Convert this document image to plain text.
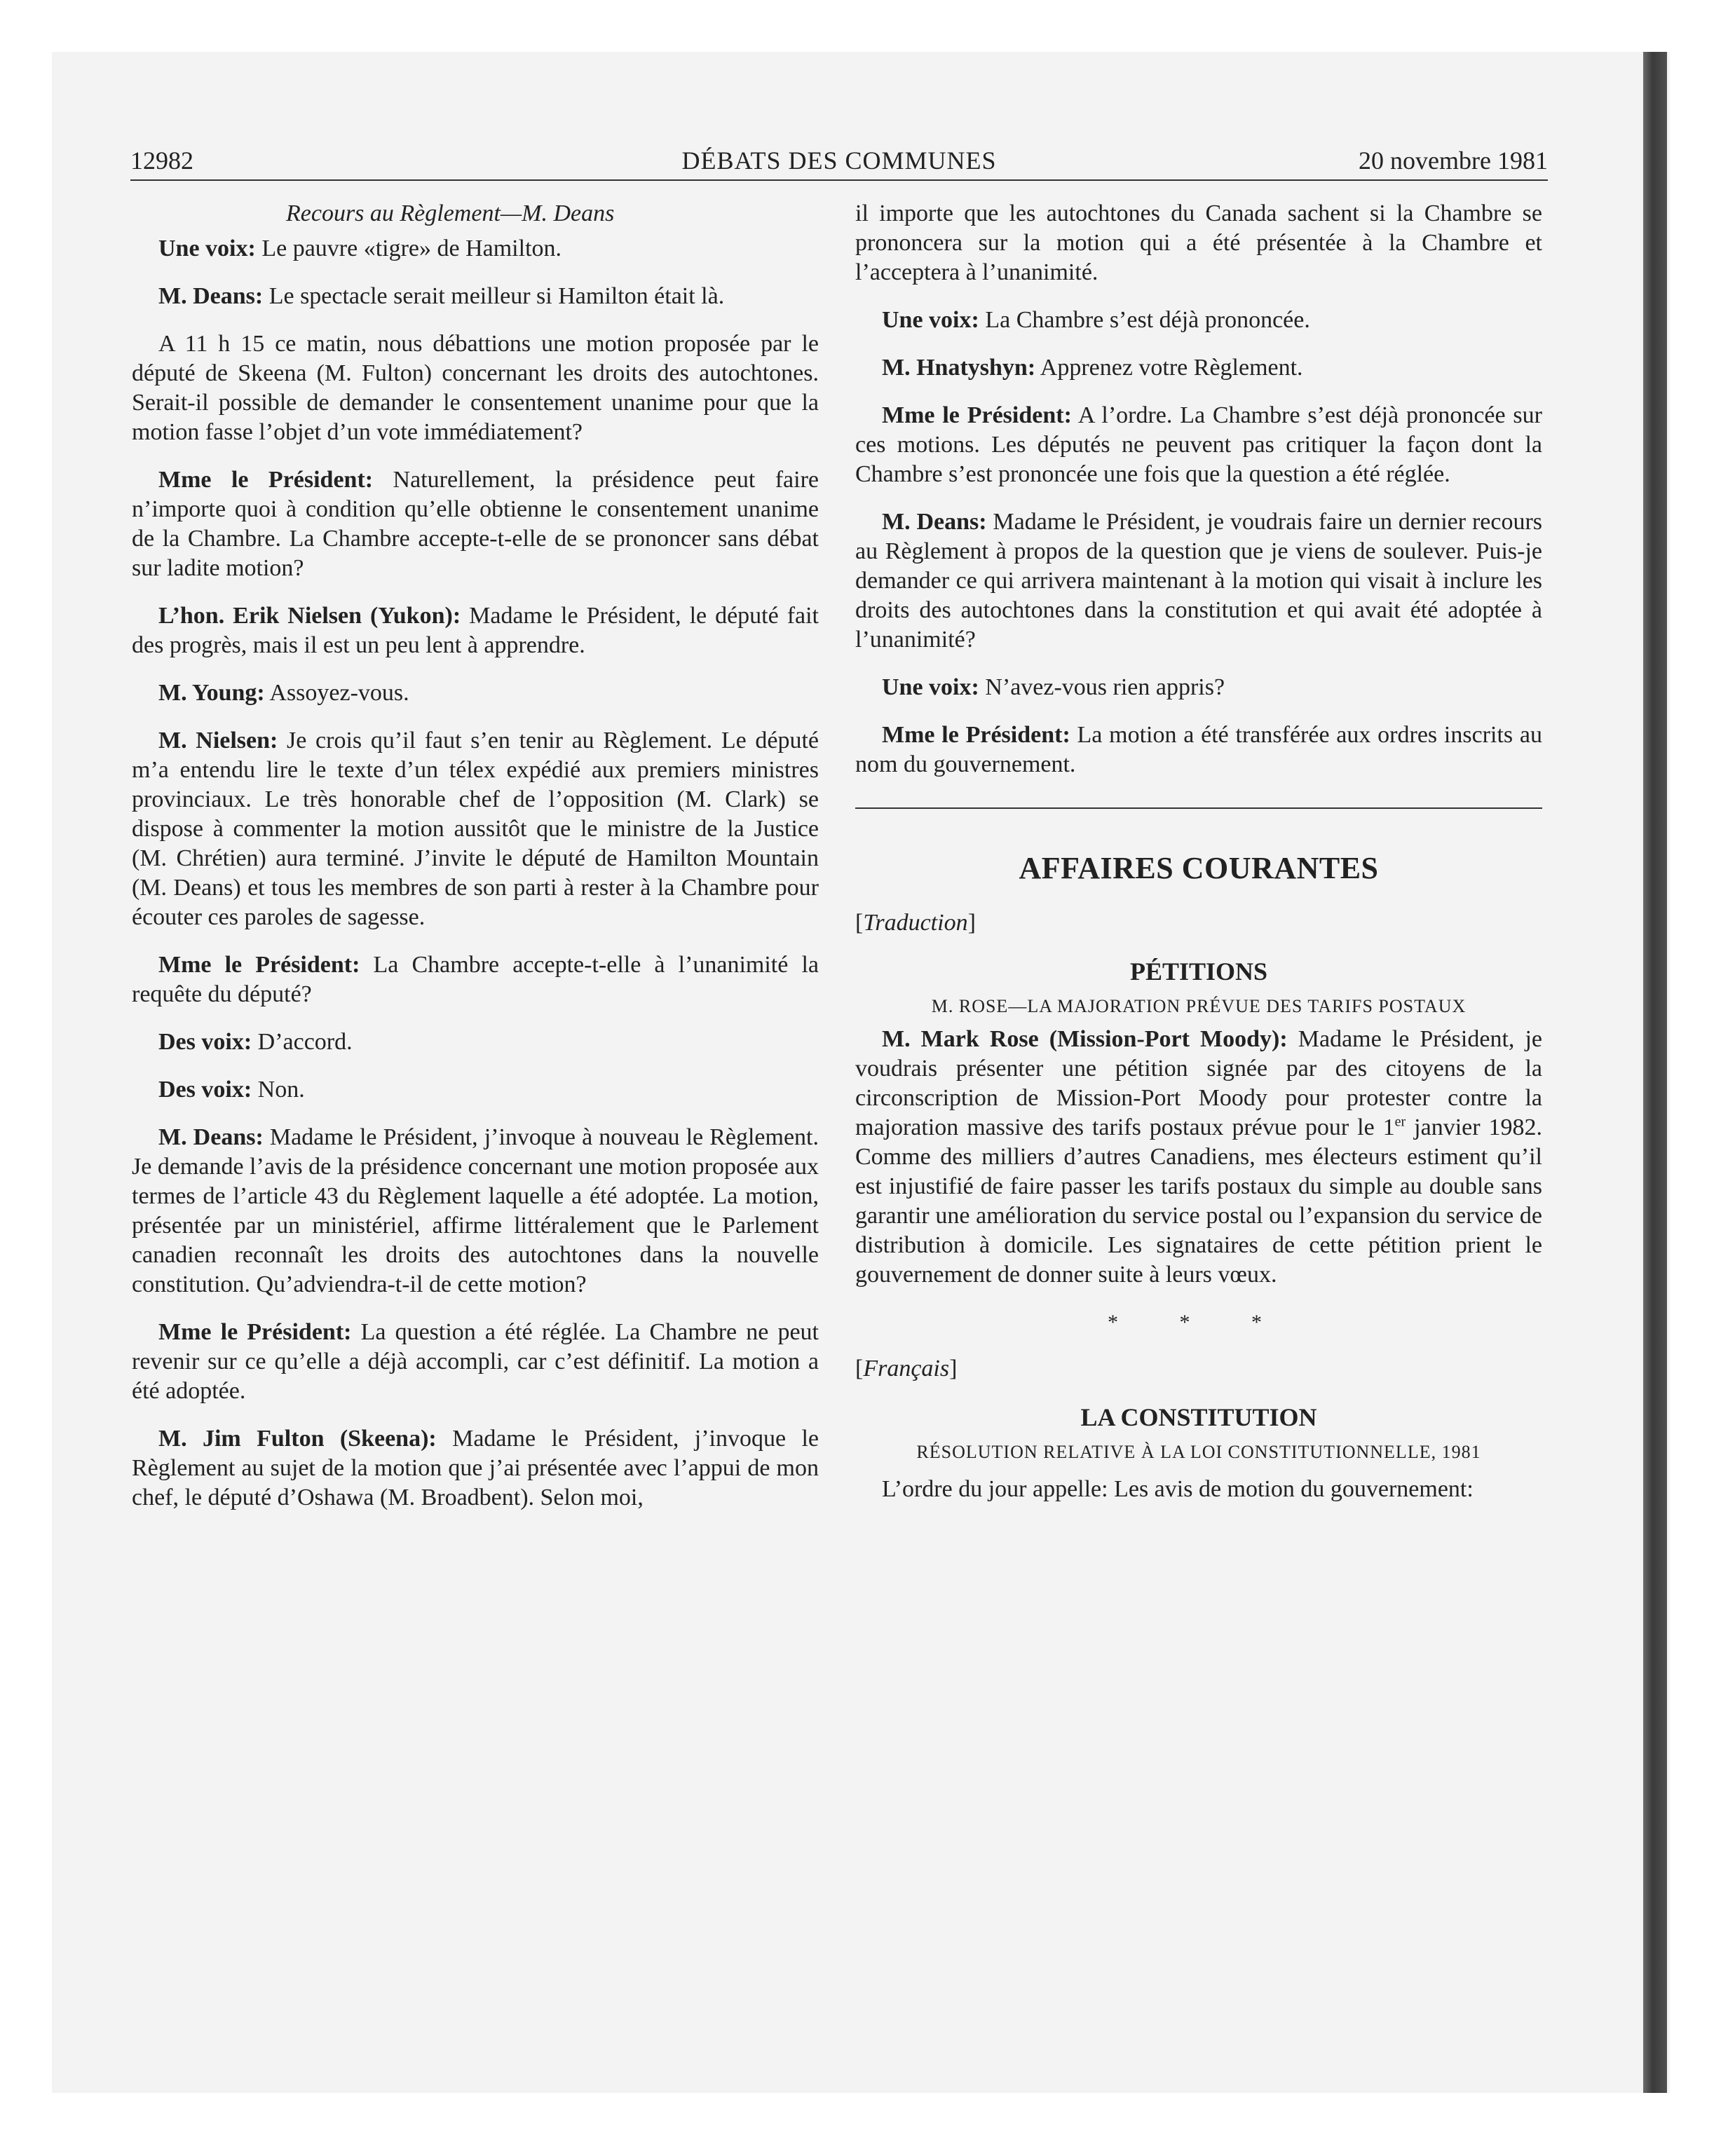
12982	DÉBATS DES COMMUNES	20 novembre 1981
Recours au Règlement—M. Deans

Une voix: Le pauvre «tigre» de Hamilton.

M. Deans: Le spectacle serait meilleur si Hamilton était là.

A 11 h 15 ce matin, nous débattions une motion proposée par le député de Skeena (M. Fulton) concernant les droits des autochtones. Serait-il possible de demander le consentement unanime pour que la motion fasse l’objet d’un vote immédiatement?

Mme le Président: Naturellement, la présidence peut faire n’importe quoi à condition qu’elle obtienne le consentement unanime de la Chambre. La Chambre accepte-t-elle de se prononcer sans débat sur ladite motion?

L’hon. Erik Nielsen (Yukon): Madame le Président, le député fait des progrès, mais il est un peu lent à apprendre.

M. Young: Assoyez-vous.

M. Nielsen: Je crois qu’il faut s’en tenir au Règlement. Le député m’a entendu lire le texte d’un télex expédié aux premiers ministres provinciaux. Le très honorable chef de l’opposition (M. Clark) se dispose à commenter la motion aussitôt que le ministre de la Justice (M. Chrétien) aura terminé. J’invite le député de Hamilton Mountain (M. Deans) et tous les membres de son parti à rester à la Chambre pour écouter ces paroles de sagesse.

Mme le Président: La Chambre accepte-t-elle à l’unanimité la requête du député?

Des voix: D’accord.

Des voix: Non.

M. Deans: Madame le Président, j’invoque à nouveau le Règlement. Je demande l’avis de la présidence concernant une motion proposée aux termes de l’article 43 du Règlement laquelle a été adoptée. La motion, présentée par un ministériel, affirme littéralement que le Parlement canadien reconnaît les droits des autochtones dans la nouvelle constitution. Qu’adviendra-t-il de cette motion?

Mme le Président: La question a été réglée. La Chambre ne peut revenir sur ce qu’elle a déjà accompli, car c’est définitif. La motion a été adoptée.

M. Jim Fulton (Skeena): Madame le Président, j’invoque le Règlement au sujet de la motion que j’ai présentée avec l’appui de mon chef, le député d’Oshawa (M. Broadbent). Selon moi,

il importe que les autochtones du Canada sachent si la Chambre se prononcera sur la motion qui a été présentée à la Chambre et l’acceptera à l’unanimité.

Une voix: La Chambre s’est déjà prononcée.

M. Hnatyshyn: Apprenez votre Règlement.

Mme le Président: A l’ordre. La Chambre s’est déjà prononcée sur ces motions. Les députés ne peuvent pas critiquer la façon dont la Chambre s’est prononcée une fois que la question a été réglée.

M. Deans: Madame le Président, je voudrais faire un dernier recours au Règlement à propos de la question que je viens de soulever. Puis-je demander ce qui arrivera maintenant à la motion qui visait à inclure les droits des autochtones dans la constitution et qui avait été adoptée à l’unanimité?

Une voix: N’avez-vous rien appris?

Mme le Président: La motion a été transférée aux ordres inscrits au nom du gouvernement.

AFFAIRES COURANTES

[Traduction]

PÉTITIONS
M. ROSE—LA MAJORATION PRÉVUE DES TARIFS POSTAUX

M. Mark Rose (Mission-Port Moody): Madame le Président, je voudrais présenter une pétition signée par des citoyens de la circonscription de Mission-Port Moody pour protester contre la majoration massive des tarifs postaux prévue pour le 1er janvier 1982. Comme des milliers d’autres Canadiens, mes électeurs estiment qu’il est injustifié de faire passer les tarifs postaux du simple au double sans garantir une amélioration du service postal ou l’expansion du service de distribution à domicile. Les signataires de cette pétition prient le gouvernement de donner suite à leurs vœux.

* * *

[Français]

LA CONSTITUTION
RÉSOLUTION RELATIVE À LA LOI CONSTITUTIONNELLE, 1981

L’ordre du jour appelle: Les avis de motion du gouvernement:
